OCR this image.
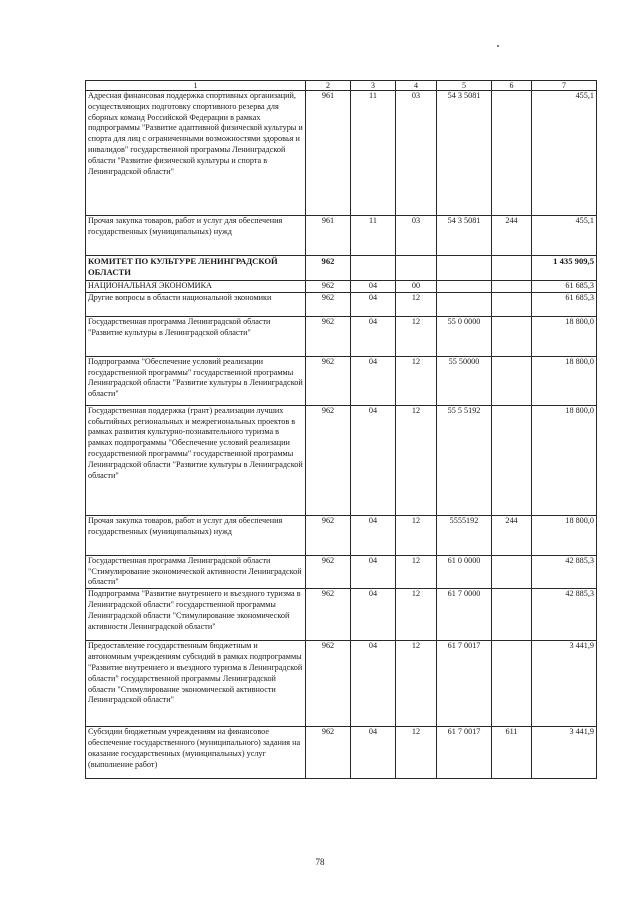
1	2	3	4	5	6	7
Адресная финансовая поддержка спортивных организаций, осуществляющих подготовку спортивного резерва для сборных команд Российской Федерации в рамках подпрограммы "Развитие адаптивной физической культуры и спорта для лиц с ограниченными возможностями здоровья и инвалидов" государственной программы Ленинградской области "Развитие физической культуры и спорта в Ленинградской области"	961	11	03	54 3 5081		455,1
Прочая закупка товаров, работ и услуг для обеспечения государственных (муниципальных) нужд	961	11	03	54 3 5081	244	455,1
КОМИТЕТ ПО КУЛЬТУРЕ ЛЕНИНГРАДСКОЙ ОБЛАСТИ	962					1 435 909,5
НАЦИОНАЛЬНАЯ ЭКОНОМИКА	962	04	00			61 685,3
Другие вопросы в области национальной экономики	962	04	12			61 685,3
Государственная программа Ленинградской области "Развитие культуры в Ленинградской области"	962	04	12	55 0 0000		18 800,0
Подпрограмма "Обеспечение условий реализации государственной программы" государственной программы Ленинградской области "Развитие культуры в Ленинградской области"	962	04	12	55 50000		18 800,0
Государственная поддержка (грант) реализации лучших событийных региональных и межрегиональных проектов в рамках развития культурно-познавательного туризма в рамках подпрограммы "Обеспечение условий реализации государственной программы" государственной программы Ленинградской области "Развитие культуры в Ленинградской области"	962	04	12	55 5 5192		18 800,0
Прочая закупка товаров, работ и услуг для обеспечения государственных (муниципальных) нужд	962	04	12	5555192	244	18 800,0
Государственная программа Ленинградской области "Стимулирование экономической активности Ленинградской области"	962	04	12	61 0 0000		42 885,3
Подпрограмма "Развитие внутреннего и въездного туризма в Ленинградской области" государственной программы Ленинградской области "Стимулирование экономической активности Ленинградской области"	962	04	12	61 7 0000		42 885,3
Предоставление государственным бюджетным и автономным учреждениям субсидий в рамках подпрограммы "Развитие внутреннего и въездного туризма в Ленинградской области" государственной программы Ленинградской области "Стимулирование экономической активности Ленинградской области"	962	04	12	61 7 0017		3 441,9
Субсидии бюджетным учреждениям на финансовое обеспечение государственного (муниципального) задания на оказание государственных (муниципальных) услуг (выполнение работ)	962	04	12	61 7 0017	611	3 441,9
78
